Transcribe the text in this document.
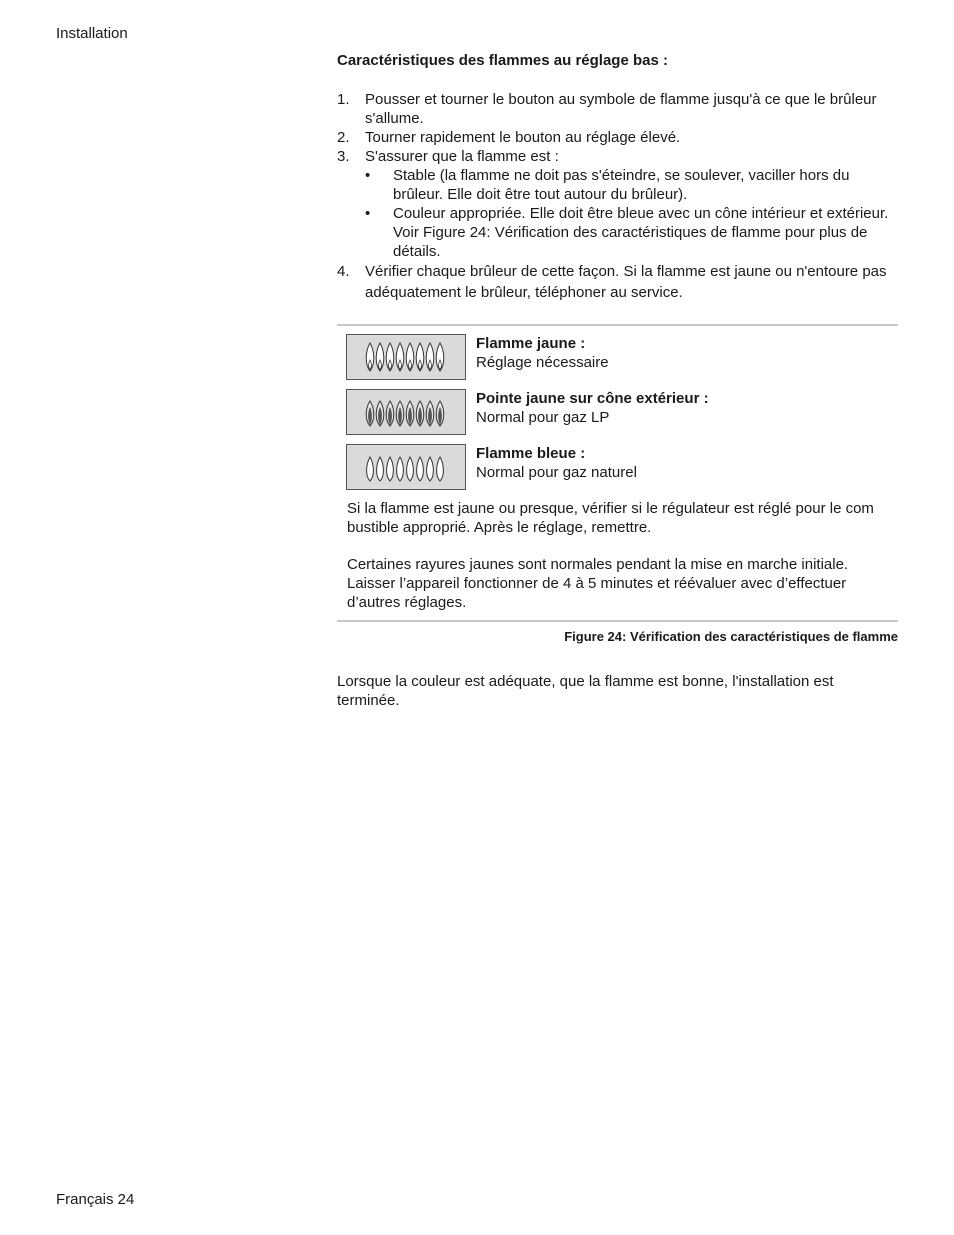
Installation

Caractéristiques des flammes au réglage bas :

1. Pousser et tourner le bouton au symbole de flamme jusqu'à ce que le brûleur s'allume.
2. Tourner rapidement le bouton au réglage élevé.
3. S'assurer que la flamme est :
• Stable (la flamme ne doit pas s'éteindre, se soulever, vaciller hors du brûleur. Elle doit être tout autour du brûleur).
• Couleur appropriée. Elle doit être bleue avec un cône intérieur et extérieur. Voir Figure 24: Vérification des caractéristiques de flamme pour plus de détails.
4. Vérifier chaque brûleur de cette façon. Si la flamme est jaune ou n'entoure pas adéquatement le brûleur, téléphoner au service.
Flamme jaune :
Réglage nécessaire
Pointe jaune sur cône extérieur :
Normal pour gaz LP
Flamme bleue :
Normal pour gaz naturel

Si la flamme est jaune ou presque, vérifier si le régulateur est réglé pour le com
bustible approprié. Après le réglage, remettre.

Certaines rayures jaunes sont normales pendant la mise en marche initiale. Laisser l’appareil fonctionner de 4 à 5 minutes et réévaluer avec d’effectuer d’autres réglages.

Figure 24: Vérification des caractéristiques de flamme

Lorsque la couleur est adéquate, que la flamme est bonne, l'installation est terminée.

Français 24
